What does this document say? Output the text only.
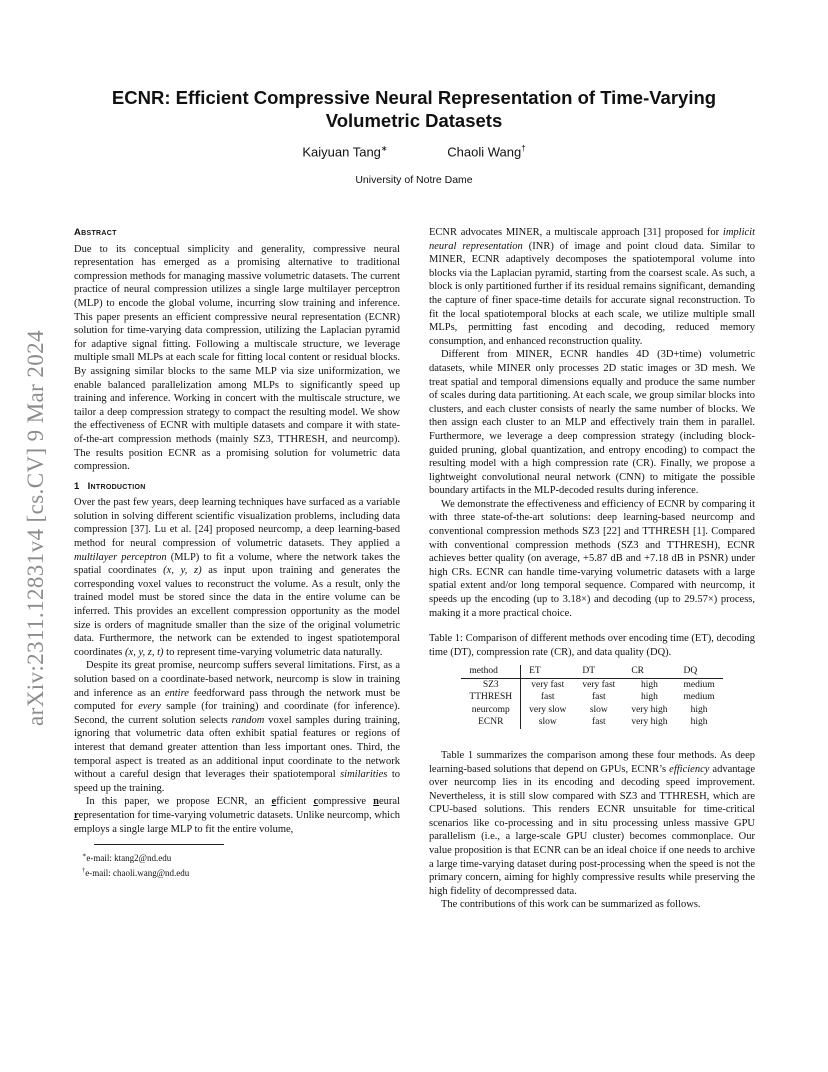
arXiv:2311.12831v4 [cs.CV] 9 Mar 2024
ECNR: Efficient Compressive Neural Representation of Time-Varying Volumetric Datasets
Kaiyuan Tang∗	Chaoli Wang†
University of Notre Dame
Abstract

Due to its conceptual simplicity and generality, compressive neural representation has emerged as a promising alternative to traditional compression methods for managing massive volumetric datasets. The current practice of neural compression utilizes a single large multilayer perceptron (MLP) to encode the global volume, incurring slow training and inference. This paper presents an efficient compressive neural representation (ECNR) solution for time-varying data compression, utilizing the Laplacian pyramid for adaptive signal fitting. Following a multiscale structure, we leverage multiple small MLPs at each scale for fitting local content or residual blocks. By assigning similar blocks to the same MLP via size uniformization, we enable balanced parallelization among MLPs to significantly speed up training and inference. Working in concert with the multiscale structure, we tailor a deep compression strategy to compact the resulting model. We show the effectiveness of ECNR with multiple datasets and compare it with state-of-the-art compression methods (mainly SZ3, TTHRESH, and neurcomp). The results position ECNR as a promising solution for volumetric data compression.

1 Introduction

Over the past few years, deep learning techniques have surfaced as a variable solution in solving different scientific visualization problems, including data compression [37]. Lu et al. [24] proposed neurcomp, a deep learning-based method for neural compression of volumetric datasets. They applied a multilayer perceptron (MLP) to fit a volume, where the network takes the spatial coordinates (x, y, z) as input upon training and generates the corresponding voxel values to reconstruct the volume. As a result, only the trained model must be stored since the data in the entire volume can be inferred. This provides an excellent compression opportunity as the model size is orders of magnitude smaller than the size of the original volumetric data. Furthermore, the network can be extended to ingest spatiotemporal coordinates (x, y, z, t) to represent time-varying volumetric data naturally.

Despite its great promise, neurcomp suffers several limitations. First, as a solution based on a coordinate-based network, neurcomp is slow in training and inference as an entire feedforward pass through the network must be computed for every sample (for training) and coordinate (for inference). Second, the current solution selects random voxel samples during training, ignoring that volumetric data often exhibit spatial features or regions of interest that demand greater attention than less important ones. Third, the temporal aspect is treated as an additional input coordinate to the network without a careful design that leverages their spatiotemporal similarities to speed up the training.

In this paper, we propose ECNR, an efficient compressive neural representation for time-varying volumetric datasets. Unlike neurcomp, which employs a single large MLP to fit the entire volume,

∗e-mail: ktang2@nd.edu
†e-mail: chaoli.wang@nd.edu

ECNR advocates MINER, a multiscale approach [31] proposed for implicit neural representation (INR) of image and point cloud data. Similar to MINER, ECNR adaptively decomposes the spatiotemporal volume into blocks via the Laplacian pyramid, starting from the coarsest scale. As such, a block is only partitioned further if its residual remains significant, demanding the capture of finer space-time details for accurate signal reconstruction. To fit the local spatiotemporal blocks at each scale, we utilize multiple small MLPs, permitting fast encoding and decoding, reduced memory consumption, and enhanced reconstruction quality.

Different from MINER, ECNR handles 4D (3D+time) volumetric datasets, while MINER only processes 2D static images or 3D mesh. We treat spatial and temporal dimensions equally and produce the same number of scales during data partitioning. At each scale, we group similar blocks into clusters, and each cluster consists of nearly the same number of blocks. We then assign each cluster to an MLP and effectively train them in parallel. Furthermore, we leverage a deep compression strategy (including block-guided pruning, global quantization, and entropy encoding) to compact the resulting model with a high compression rate (CR). Finally, we propose a lightweight convolutional neural network (CNN) to mitigate the possible boundary artifacts in the MLP-decoded results during inference.

We demonstrate the effectiveness and efficiency of ECNR by comparing it with three state-of-the-art solutions: deep learning-based neurcomp and conventional compression methods SZ3 [22] and TTHRESH [1]. Compared with conventional compression methods (SZ3 and TTHRESH), ECNR achieves better quality (on average, +5.87 dB and +7.18 dB in PSNR) under high CRs. ECNR can handle time-varying volumetric datasets with a large spatial extent and/or long temporal sequence. Compared with neurcomp, it speeds up the encoding (up to 3.18×) and decoding (up to 29.57×) process, making it a more practical choice.

Table 1: Comparison of different methods over encoding time (ET), decoding time (DT), compression rate (CR), and data quality (DQ).

method	ET	DT	CR	DQ
SZ3	very fast	very fast	high	medium
TTHRESH	fast	fast	high	medium
neurcomp	very slow	slow	very high	high
ECNR	slow	fast	very high	high

Table 1 summarizes the comparison among these four methods. As deep learning-based solutions that depend on GPUs, ECNR’s efficiency advantage over neurcomp lies in its encoding and decoding speed improvement. Nevertheless, it is still slow compared with SZ3 and TTHRESH, which are CPU-based solutions. This renders ECNR unsuitable for time-critical scenarios like co-processing and in situ processing unless massive GPU parallelism (i.e., a large-scale GPU cluster) becomes commonplace. Our value proposition is that ECNR can be an ideal choice if one needs to archive a large time-varying dataset during post-processing when the speed is not the primary concern, aiming for highly compressive results while preserving the high fidelity of decompressed data.

The contributions of this work can be summarized as follows.
